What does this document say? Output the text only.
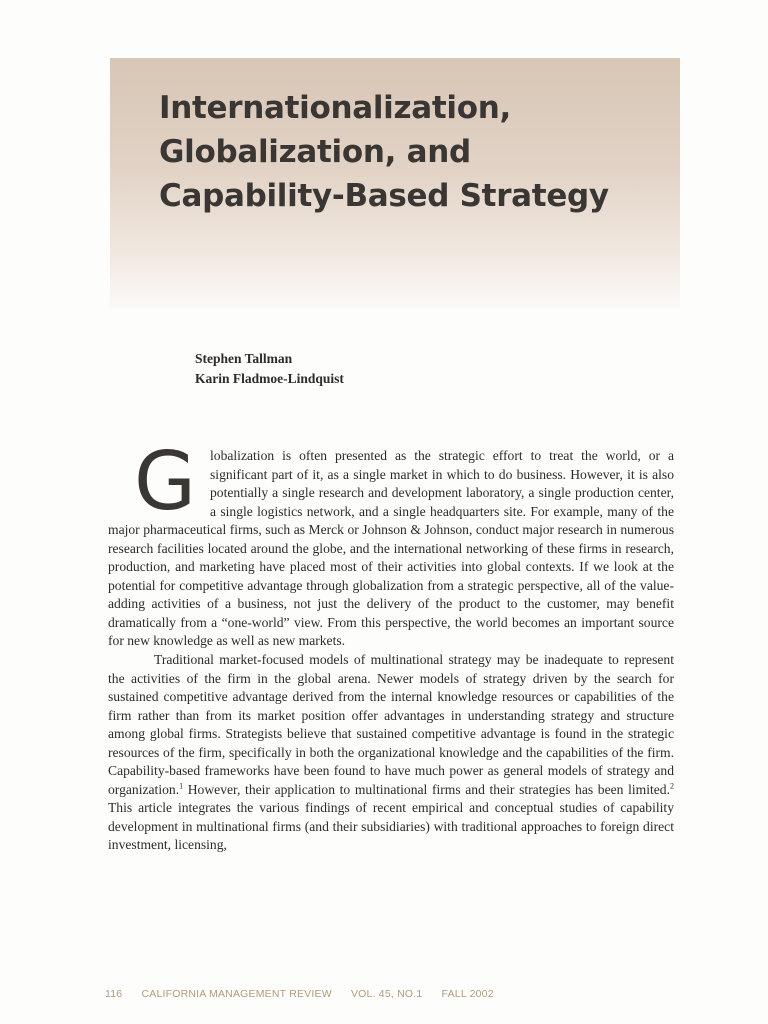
Internationalization,
Globalization, and
Capability-Based Strategy
Stephen Tallman
Karin Fladmoe-Lindquist

G lobalization is often presented as the strategic effort to treat the world, or a significant part of it, as a single market in which to do business. However, it is also potentially a single research and development laboratory, a single production center, a single logistics network, and a single headquarters site. For example, many of the major pharmaceutical firms, such as Merck or Johnson & Johnson, conduct major research in numerous research facilities located around the globe, and the international networking of these firms in research, production, and marketing have placed most of their activities into global contexts. If we look at the potential for competitive advantage through globalization from a strategic perspective, all of the value-adding activities of a business, not just the delivery of the product to the customer, may benefit dramatically from a “one-world” view. From this perspective, the world becomes an important source for new knowledge as well as new markets.

Traditional market-focused models of multinational strategy may be inadequate to represent the activities of the firm in the global arena. Newer models of strategy driven by the search for sustained competitive advantage derived from the internal knowledge resources or capabilities of the firm rather than from its market position offer advantages in understanding strategy and structure among global firms. Strategists believe that sustained competitive advantage is found in the strategic resources of the firm, specifically in both the organizational knowledge and the capabilities of the firm. Capability-based frameworks have been found to have much power as general models of strategy and organization.$^1$ However, their application to multinational firms and their strategies has been limited.$^2$ This article integrates the various findings of recent empirical and conceptual studies of capability development in multinational firms (and their subsidiaries) with traditional approaches to foreign direct investment, licensing,

116 CALIFORNIA MANAGEMENT REVIEW VOL. 45, NO.1 FALL 2002
